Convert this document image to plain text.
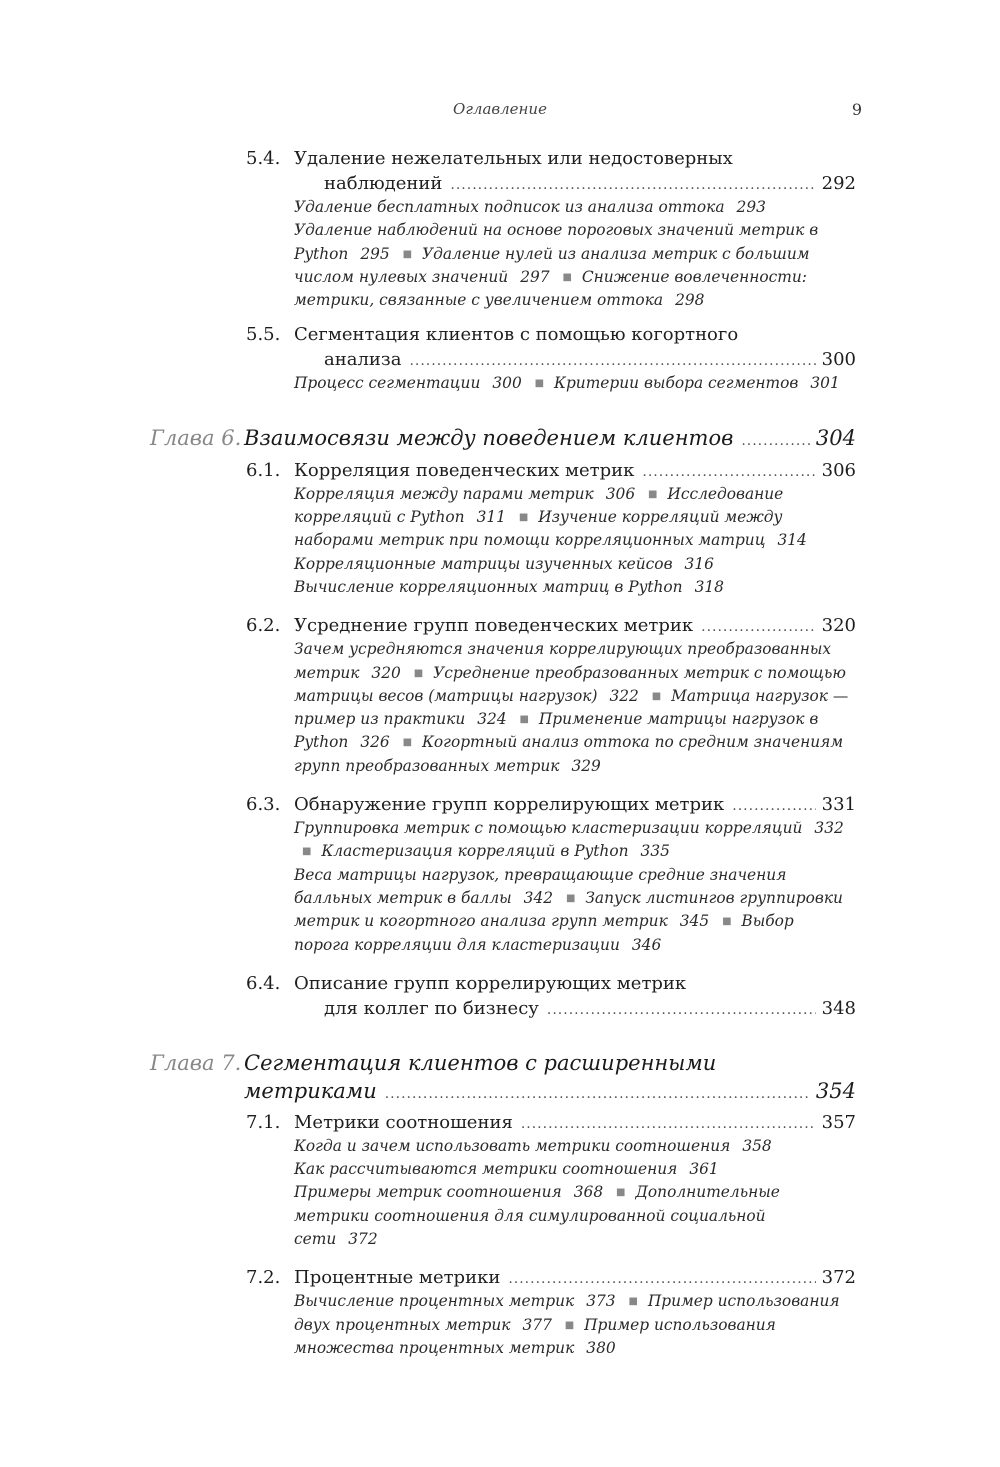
Оглавление	9
5.4. Удаление нежелательных или недостоверных
наблюдений .....	292
Удаление бесплатных подписок из анализа оттока 293
Удаление наблюдений на основе пороговых значений метрик в Python 295 ■ Удаление нулей из анализа метрик с большим числом нулевых значений 297 ■ Снижение вовлеченности: метрики, связанные с увеличением оттока 298
5.5. Сегментация клиентов с помощью когортного
анализа .....	300
Процесс сегментации 300 ■ Критерии выбора сегментов 301
Глава 6. Взаимосвязи между поведением клиентов .....	304
6.1. Корреляция поведенческих метрик .....	306
Корреляция между парами метрик 306 ■ Исследование корреляций с Python 311 ■ Изучение корреляций между наборами метрик при помощи корреляционных матриц 314
Корреляционные матрицы изученных кейсов 316
Вычисление корреляционных матриц в Python 318
6.2. Усреднение групп поведенческих метрик .....	320
Зачем усредняются значения коррелирующих преобразованных метрик 320 ■ Усреднение преобразованных метрик с помощью матрицы весов (матрицы нагрузок) 322 ■ Матрица нагрузок — пример из практики 324 ■ Применение матрицы нагрузок в Python 326 ■ Когортный анализ оттока по средним значениям групп преобразованных метрик 329
6.3. Обнаружение групп коррелирующих метрик .....	331
Группировка метрик с помощью кластеризации корреляций 332 ■ Кластеризация корреляций в Python 335
Веса матрицы нагрузок, превращающие средние значения балльных метрик в баллы 342 ■ Запуск листингов группировки метрик и когортного анализа групп метрик 345 ■ Выбор порога корреляции для кластеризации 346
6.4. Описание групп коррелирующих метрик
для коллег по бизнесу .....	348
Глава 7. Сегментация клиентов с расширенными
метриками .....	354
7.1. Метрики соотношения .....	357
Когда и зачем использовать метрики соотношения 358
Как рассчитываются метрики соотношения 361
Примеры метрик соотношения 368 ■ Дополнительные метрики соотношения для симулированной социальной сети 372
7.2. Процентные метрики .....	372
Вычисление процентных метрик 373 ■ Пример использования двух процентных метрик 377 ■ Пример использования множества процентных метрик 380
